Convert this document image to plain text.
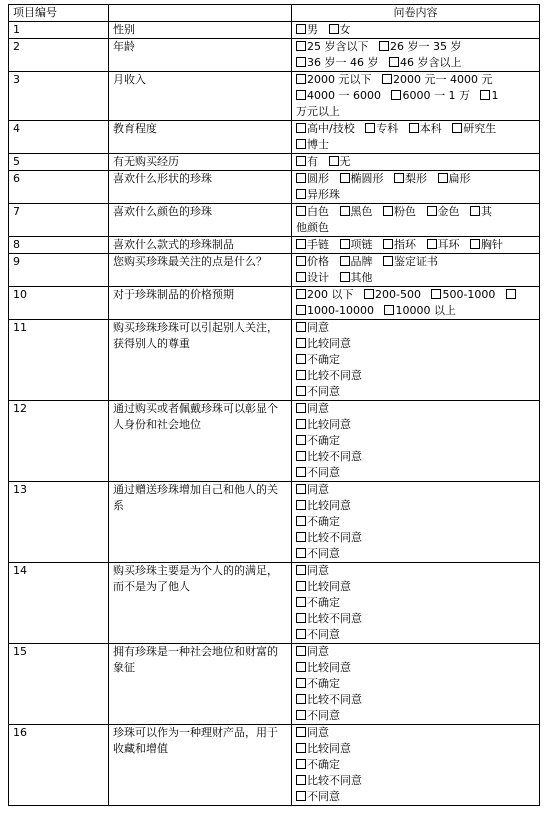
项目编号		问卷内容
1	性别	男 女

2	年龄	25 岁含以下 26 岁一 35 岁
36 岁一 46 岁 46 岁含以上

3	月收入	2000 元以下 2000 元一 4000 元
4000 一 6000 6000 一 1 万 1
万元以上

4	教育程度	高中/技校 专科 本科 研究生
博士

5	有无购买经历	有 无

6	喜欢什么形状的珍珠	圆形 椭圆形 梨形 扁形
异形珠

7	喜欢什么颜色的珍珠	白色 黑色 粉色 金色 其
他颜色

8	喜欢什么款式的珍珠制品	手链 项链 指环 耳环 胸针

9	您购买珍珠最关注的点是什么？	价格 品牌 鉴定证书
设计 其他

10	对于珍珠制品的价格预期	200 以下 200-500 500-1000
1000-10000 10000 以上

11	购买珍珠珍珠可以引起别人关注，获得别人的尊重	同意
比较同意
不确定
比较不同意
不同意

12	通过购买或者佩戴珍珠可以彰显个人身份和社会地位	同意
比较同意
不确定
比较不同意
不同意

13	通过赠送珍珠增加自己和他人的关系	同意
比较同意
不确定
比较不同意
不同意

14	购买珍珠主要是为个人的的满足，而不是为了他人	同意
比较同意
不确定
比较不同意
不同意

15	拥有珍珠是一种社会地位和财富的象征	同意
比较同意
不确定
比较不同意
不同意

16	珍珠可以作为一种理财产品，用于收藏和增值	同意
比较同意
不确定
比较不同意
不同意
